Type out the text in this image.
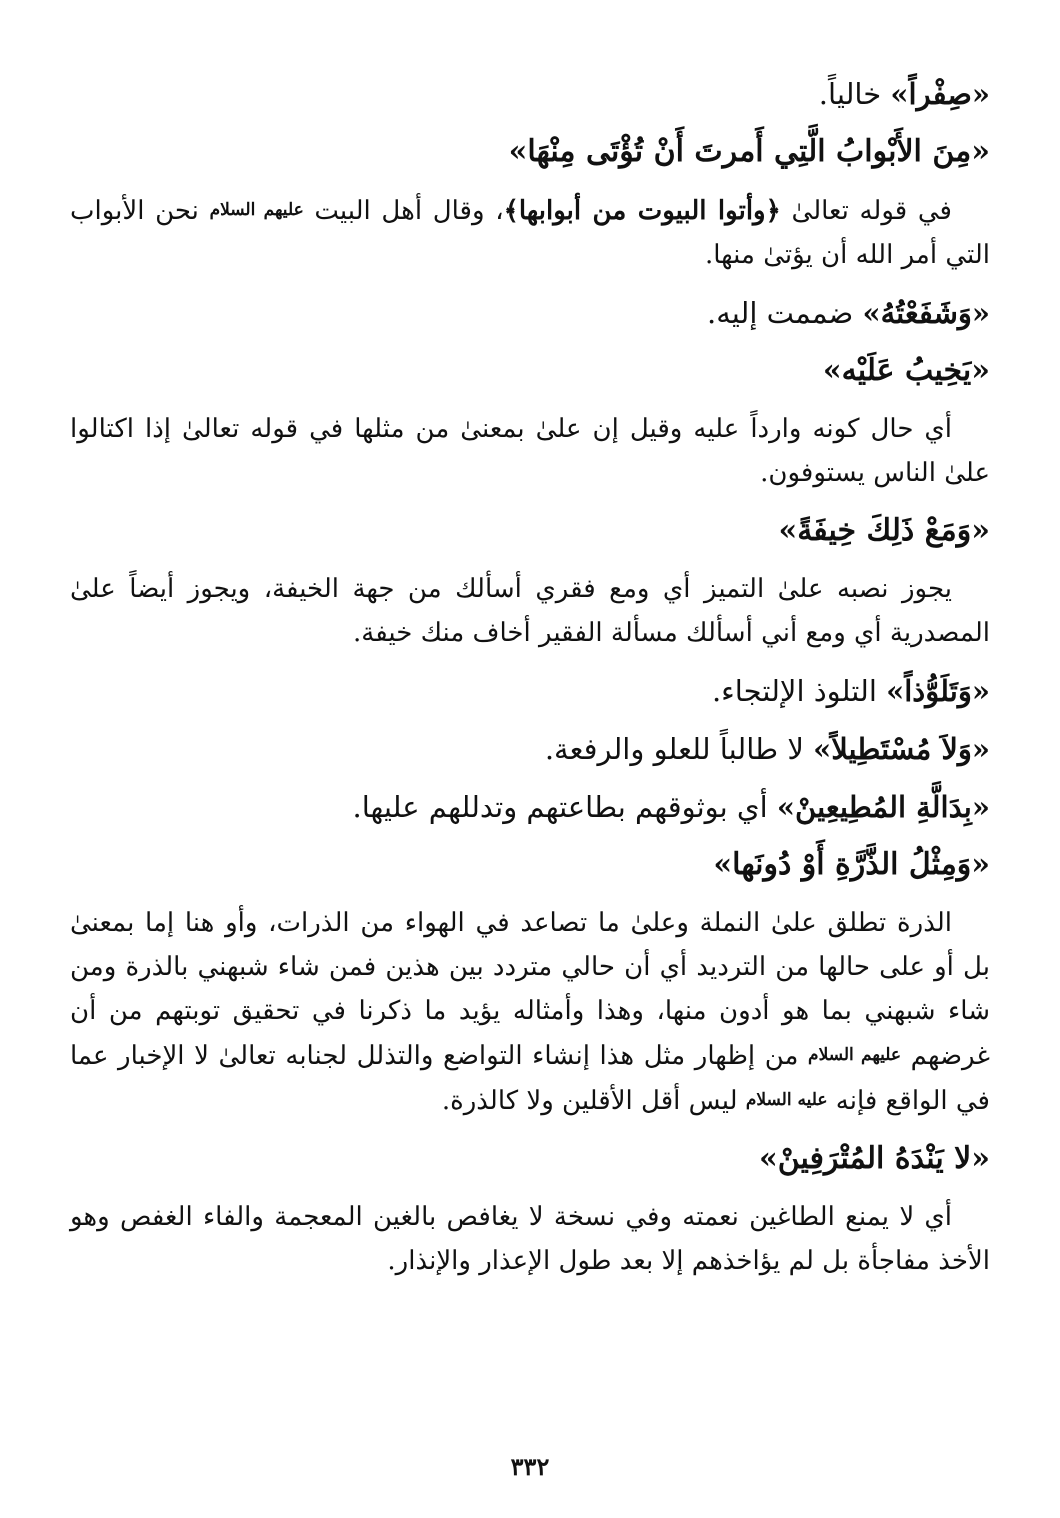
«صِفْراً» خالياً.

«مِنَ الأَبْوابُ الَّتِي أَمرتَ أَنْ تُؤْتَى مِنْهَا»

في قوله تعالىٰ ﴿وأتوا البيوت من أبوابها﴾، وقال أهل البيت عليهم السلام نحن الأبواب التي أمر الله أن يؤتىٰ منها.

«وَشَفَعْتُهُ» ضممت إليه.

«يَخِيبُ عَلَيْه»

أي حال كونه وارداً عليه وقيل إن علىٰ بمعنىٰ من مثلها في قوله تعالىٰ إذا اكتالوا علىٰ الناس يستوفون.

«وَمَعْ ذَلِكَ خِيفَةً»

يجوز نصبه علىٰ التميز أي ومع فقري أسألك من جهة الخيفة، ويجوز أيضاً علىٰ المصدرية أي ومع أني أسألك مسألة الفقير أخاف منك خيفة.

«وَتَلَوُّذاً» التلوذ الإلتجاء.

«وَلاَ مُسْتَطِيلاً» لا طالباً للعلو والرفعة.

«بِدَالَّةِ المُطِيعِينْ» أي بوثوقهم بطاعتهم وتدللهم عليها.

«وَمِثْلُ الذَّرَّةِ أَوْ دُونَها»

الذرة تطلق علىٰ النملة وعلىٰ ما تصاعد في الهواء من الذرات، وأو هنا إما بمعنىٰ بل أو على حالها من الترديد أي أن حالي متردد بين هذين فمن شاء شبهني بالذرة ومن شاء شبهني بما هو أدون منها، وهذا وأمثاله يؤيد ما ذكرنا في تحقيق توبتهم من أن غرضهم عليهم السلام من إظهار مثل هذا إنشاء التواضع والتذلل لجنابه تعالىٰ لا الإخبار عما في الواقع فإنه عليه السلام ليس أقل الأقلين ولا كالذرة.

«لا يَنْدَهُ المُتْرَفِينْ»

أي لا يمنع الطاغين نعمته وفي نسخة لا يغافص بالغين المعجمة والفاء الغفص وهو الأخذ مفاجأة بل لم يؤاخذهم إلا بعد طول الإعذار والإنذار.

٣٣٢
